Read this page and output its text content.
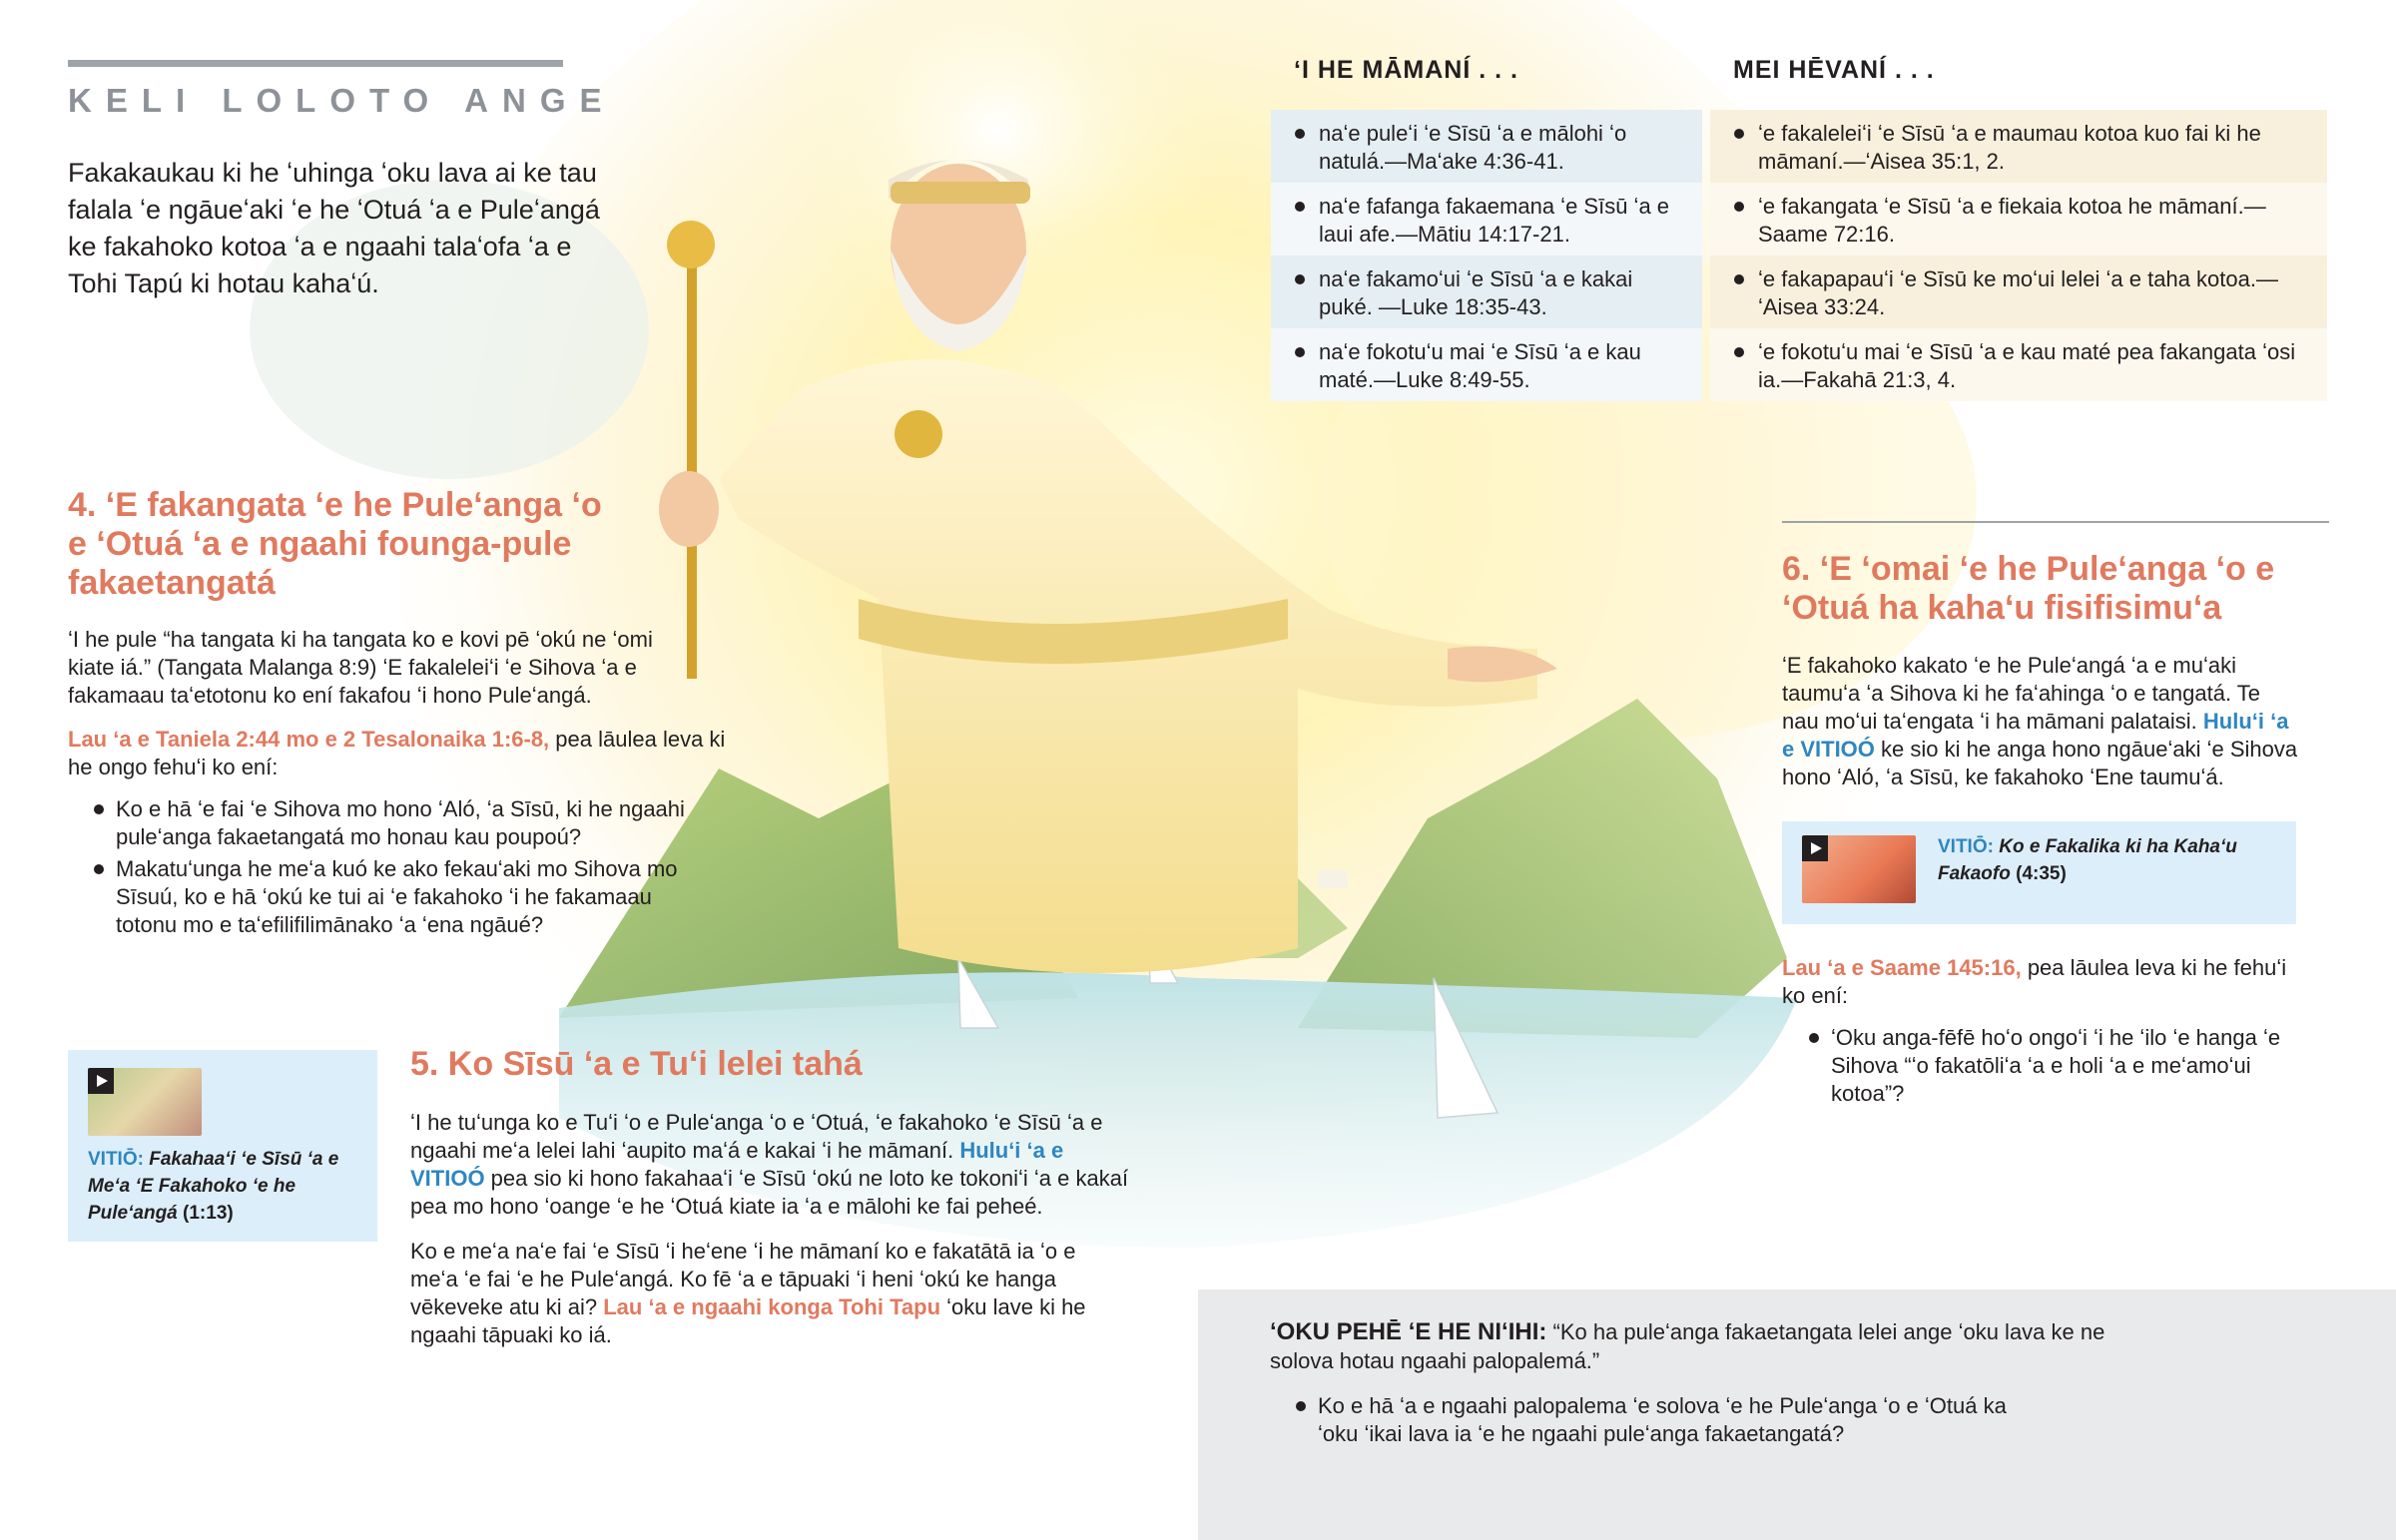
KELI LOLOTO ANGE
Fakakaukau ki he ʻuhinga ʻoku lava ai ke tau falala ʻe ngāueʻaki ʻe he ʻOtuá ʻa e Puleʻangá ke fakahoko kotoa ʻa e ngaahi talaʻofa ʻa e Tohi Tapú ki hotau kahaʻú.
ʻI HE MĀMANÍ . . .	MEI HĒVANÍ . . .
naʻe puleʻi ʻe Sīsū ʻa e mālohi ʻo natulá.—Maʻake 4:36-41.
naʻe fafanga fakaemana ʻe Sīsū ʻa e laui afe.—Mātiu 14:17-21.
naʻe fakamoʻui ʻe Sīsū ʻa e kakai puké. —Luke 18:35-43.
naʻe fokotuʻu mai ʻe Sīsū ʻa e kau maté.—Luke 8:49-55.
ʻe fakaleleiʻi ʻe Sīsū ʻa e maumau kotoa kuo fai ki he māmaní.—ʻAisea 35:1, 2.
ʻe fakangata ʻe Sīsū ʻa e fiekaia kotoa he māmaní.—Saame 72:16.
ʻe fakapapauʻi ʻe Sīsū ke moʻui lelei ʻa e taha kotoa.—ʻAisea 33:24.
ʻe fokotuʻu mai ʻe Sīsū ʻa e kau maté pea fakangata ʻosi ia.—Fakahā 21:3, 4.
4. ʻE fakangata ʻe he Puleʻanga ʻo e ʻOtuá ʻa e ngaahi founga-pule fakaetangatá
ʻI he pule “ha tangata ki ha tangata ko e kovi pē ʻokú ne ʻomi kiate iá.” (Tangata Malanga 8:9) ʻE fakaleleiʻi ʻe Sihova ʻa e fakamaau taʻetotonu ko ení fakafou ʻi hono Puleʻangá.
Lau ʻa e Taniela 2:44 mo e 2 Tesalonaika 1:6-8, pea lāulea leva ki he ongo fehuʻi ko ení:
Ko e hā ʻe fai ʻe Sihova mo hono ʻAló, ʻa Sīsū, ki he ngaahi puleʻanga fakaetangatá mo honau kau poupoú?
Makatuʻunga he meʻa kuó ke ako fekauʻaki mo Sihova mo Sīsuú, ko e hā ʻokú ke tui ai ʻe fakahoko ʻi he fakamaau totonu mo e taʻefilifilimānako ʻa ʻena ngāué?
VITIŌ: Fakahaaʻi ʻe Sīsū ʻa e Meʻa ʻE Fakahoko ʻe he Puleʻangá (1:13)
5. Ko Sīsū ʻa e Tuʻi lelei tahá
ʻI he tuʻunga ko e Tuʻi ʻo e Puleʻanga ʻo e ʻOtuá, ʻe fakahoko ʻe Sīsū ʻa e ngaahi meʻa lelei lahi ʻaupito maʻá e kakai ʻi he māmaní. Huluʻi ʻa e VITIOÓ pea sio ki hono fakahaaʻi ʻe Sīsū ʻokú ne loto ke tokoniʻi ʻa e kakaí pea mo hono ʻoange ʻe he ʻOtuá kiate ia ʻa e mālohi ke fai peheé.
Ko e meʻa naʻe fai ʻe Sīsū ʻi heʻene ʻi he māmaní ko e fakatātā ia ʻo e meʻa ʻe fai ʻe he Puleʻangá. Ko fē ʻa e tāpuaki ʻi heni ʻokú ke hanga vēkeveke atu ki ai? Lau ʻa e ngaahi konga Tohi Tapu ʻoku lave ki he ngaahi tāpuaki ko iá.
6. ʻE ʻomai ʻe he Puleʻanga ʻo e ʻOtuá ha kahaʻu fisifisimuʻa
ʻE fakahoko kakato ʻe he Puleʻangá ʻa e muʻaki taumuʻa ʻa Sihova ki he faʻahinga ʻo e tangatá. Te nau moʻui taʻengata ʻi ha māmani palataisi. Huluʻi ʻa e VITIOÓ ke sio ki he anga hono ngāueʻaki ʻe Sihova hono ʻAló, ʻa Sīsū, ke fakahoko ʻEne taumuʻá.
VITIŌ: Ko e Fakalika ki ha Kahaʻu Fakaofo (4:35)
Lau ʻa e Saame 145:16, pea lāulea leva ki he fehuʻi ko ení:
ʻOku anga-fēfē hoʻo ongoʻi ʻi he ʻilo ʻe hanga ʻe Sihova “ʻo fakatōliʻa ʻa e holi ʻa e meʻamoʻui kotoa”?
ʻOKU PEHĒ ʻE HE NIʻIHI: “Ko ha puleʻanga fakaetangata lelei ange ʻoku lava ke ne solova hotau ngaahi palopalemá.”
Ko e hā ʻa e ngaahi palopalema ʻe solova ʻe he Puleʻanga ʻo e ʻOtuá ka ʻoku ʻikai lava ia ʻe he ngaahi puleʻanga fakaetangatá?
